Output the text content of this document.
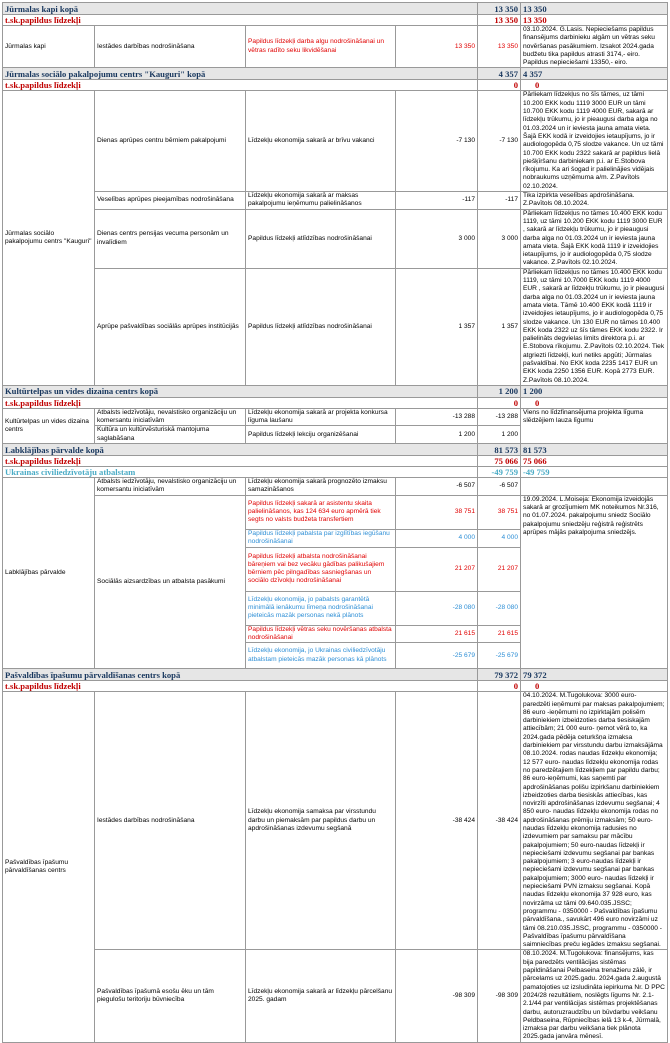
Jūrmalas kapi kopā				13 350	13 350
t.sk.papildus līdzekļi				13 350	13 350
Jūrmalas kapi	Iestādes darbības nodrošināšana	Papildus līdzekļi darba algu nodrošināšanai un vētras radīto seku likvidēšanai	13 350	13 350	03.10.2024. G.Lasis. Nepieciešams papildus finansējums darbinieku algām un vētras seku novēršanas pasākumiem. Izsakot 2024.gada budžetu tika papildus atrasti 3174,- eiro. Papildus nepieciešami 13350,- eiro.
Jūrmalas sociālo pakalpojumu centrs "Kauguri" kopā				4 357	4 357
t.sk.papildus līdzekļi				0	0
Jūrmalas sociālo pakalpojumu centrs "Kauguri"	Dienas aprūpes centru bērniem pakalpojumi	Līdzekļu ekonomija sakarā ar brīvu vakanci	-7 130	-7 130	Pārliekam līdzekļus no šīs tāmes, uz tāmi 10.200 EKK kodu 1119 3000 EUR un tāmi 10.700 EKK kodu 1119 4000 EUR, sakarā ar līdzekļu trūkumu, jo ir pieaugusi darba alga no 01.03.2024 un ir ieviesta jauna amata vieta. Šajā EKK kodā ir izveidojies ietaupījums, jo ir audiologopēda 0,75 slodze vakance. Un uz tāmi 10.700 EKK kodu 2322 sakarā ar papildus lielā piešķīršanu darbiniekam p.i. ar E.Stobova rīkojumu. Ka ari šogad ir palielinājies vidējais nobraukums uzņēmuma a/m. Z.Pavītols 02.10.2024.
	Veselības aprūpes pieejamības nodrošināšana	Līdzekļu ekonomija sakarā ar maksas pakalpojumu ieņēmumu palielināšanos	-117	-117	Tika izpirkta veselības apdrošināšana. Z.Pavītols 08.10.2024.
	Dienas centrs pensijas vecuma personām un invalīdiem	Papildus līdzekļi atlīdzības nodrošināšanai	3 000	3 000	Pārliekam līdzekļus no tāmes 10.400 EKK kodu 1119, uz tāmi 10.200 EKK kodu 1119 3000 EUR , sakarā ar līdzekļu trūkumu, jo ir pieaugusi darba alga no 01.03.2024 un ir ieviesta jauna amata vieta. Šajā EKK kodā 1119 ir izveidojies ietaupījums, jo ir audiologopēda 0,75 slodze vakance. Z.Pavītols 02.10.2024.
	Aprūpe pašvaldības sociālās aprūpes institūcijās	Papildus līdzekļi atlīdzības nodrošināšanai	1 357	1 357	Pārliekam līdzekļus no tāmes 10.400 EKK kodu 1119, uz tāmi 10.7000 EKK kodu 1119 4000 EUR , sakarā ar līdzekļu trūkumu, jo ir pieaugusi darba alga no 01.03.2024 un ir ieviesta jauna amata vieta. Tāmē 10.400 EKK kodā 1119 ir izveidojies ietaupījums, jo ir audiologopēda 0,75 slodze vakance. Un 130 EUR no tāmes 10.400 EKK koda 2322 uz šīs tāmes EKK kodu 2322. Ir palielināts degvielas limits direktora p.i. ar E.Stobova rīkojumu. Z.Pavītols 02.10.2024. Tiek atgriezti līdzekļi, kuri netiks apgūti; Jūrmalas pašvaldībai. No EKK koda 2235 1417 EUR un EKK koda 2250 1356 EUR. Kopā 2773 EUR. Z.Pavītols 08.10.2024.
Kultūrtelpas un vides dizaina centrs kopā				1 200	1 200
t.sk.papildus līdzekļi				0	0
Kultūrtelpas un vides dizaina centrs	Atbalsts iedzīvotāju, nevalstisko organizāciju un komersantu iniciatīvām	Līdzekļu ekonomija sakarā ar projekta konkursa līguma laušanu	-13 288	-13 288	Viens no līdzfinansējuma projekta līguma slēdzējiem lauza līgumu
	Kultūra un kultūrvēsturiskā mantojuma saglabāšana	Papildus līdzekļi lekciju organizēšanai	1 200	1 200	
Labklājības pārvalde kopā				81 573	81 573
t.sk.papildus līdzekļi				75 066	75 066
Ukrainas civiliedzīvotāju atbalstam				-49 759	-49 759
Labklājības pārvalde	Atbalsts iedzīvotāju, nevalstisko organizāciju un komersantu iniciatīvām	Līdzekļu ekonomija sakarā prognozēto izmaksu samazināšanos	-6 507	-6 507	
	Sociālās aizsardzības un atbalsta pasākumi	Papildus līdzekļi sakarā ar asistentu skaita palielināšanos, kas 124 634 euro apmērā tiek segts no valsts budžeta transfertiem	38 751	38 751	19.09.2024. L.Moiseja: Ekonomija izveidojās sakarā ar grozījumiem MK noteikumos Nr.316, no 01.07.2024. pakalpojumu sniedz Sociālo pakalpojumu sniedzēju reģistrā reģistrēts aprūpes mājās pakalpojuma sniedzējs.
		Papildus līdzekļi pabalsta par izglītības iegūšanu nodrošināšanai	4 000	4 000	
		Papildus līdzekļi atbalsta nodrošināšanai bāreņiem vai bez vecāku gādības palikušajiem bērniem pēc pilngadības sasniegšanas un sociālo dzīvokļu nodrošināšanai	21 207	21 207	
		Līdzekļu ekonomija, jo pabalsts garantētā minimālā ienākumu līmeņa nodrošināšanai pieteicās mazāk personas nekā plānots	-28 080	-28 080	
		Papildus līdzekļi vētras seku novēršanas atbalsta nodrošināšanai	21 615	21 615	
		Līdzekļu ekonomija, jo Ukrainas civiliedzīvotāju atbalstam pieteicās mazāk personas kā plānots	-25 679	-25 679	
Pašvaldības īpašumu pārvaldīšanas centrs kopā				79 372	79 372
t.sk.papildus līdzekļi				0	0
Pašvaldības īpašumu pārvaldīšanas centrs	Iestādes darbības nodrošināšana	Līdzekļu ekonomija samaksa par virsstundu darbu un piemaksām par papildus darbu un apdrošināšanas izdevumu segšanā	-38 424	-38 424	04.10.2024. M.Tugolukova: 3000 euro- paredzēti ieņēmumi par maksas pakalpojumiem; 86 euro -ieņēmumi no izpirktajām polisēm darbiniekiem izbeidzoties darba tiesiskajām attiecībām; 21 000 euro- ņemot vērā to, ka 2024.gada pēdēja ceturkšņa izmaksa darbiniekiem par virsstundu darbu izmaksājāma 08.10.2024. rodas naudas līdzekļu ekonomija; 12 577 euro- naudas līdzekļu ekonomija rodas no paredzētajiem līdzekļiem par papildu darbu; 86 euro-ieņēmumi, kas saņemti par apdrošināšanas polišu izpirkšanu darbiniekiem izbeidzoties darba tiesiskās attiecības, kas novirzīti apdrošināšanas izdevumu segšanai; 4 850 euro- naudas līdzekļu ekonomija rodas no apdrošināšanas prēmiju izmaksām; 50 euro-naudas līdzekļu ekonomija radusies no izdevumiem par samaksu par mācību pakalpojumiem; 50 euro-naudas līdzekļi ir nepieciešami izdevumu segšanai par bankas pakalpojumiem; 3 euro-naudas līdzekļi ir nepieciešami izdevumu segšanai par bankas pakalpojumiem; 3000 euro- naudas līdzekļi ir nepieciešami PVN izmaksu segšanai. Kopā naudas līdzekļu ekonomija 37 928 euro, kas novirzāma uz tāmi 09.640.035.JSSC; programmu - 0350000 - Pašvaldības īpašumu pārvaldīšana., savukārt 496 euro novirzāmi uz tāmi 08.210.035.JSSC, programmu - 0350000 - Pašvaldības īpašumu pārvaldīšana saimniecības preču iegādes izmaksu segšanai.
	Pašvaldības īpašumā esošu ēku un tām piegulošu teritoriju būvniecība	Līdzekļu ekonomija sakarā ar līdzekļu pārcelšanu 2025. gadam	-98 309	-98 309	08.10.2024. M.Tugolukova: finansējums, kas bija paredzēts ventilācijas sistēmas papildināšanai Pelbaseina trenažieru zālē, ir pārcelams uz 2025.gadu. 2024.gada 2.augustā pamatojoties uz izsludināta iepirkuma Nr. D PPC 2024/28 rezultātiem, noslēgts līgums Nr. 2.1-2.1/44 par ventilācijas sistēmas projektēšanas darbu, autoruzraudzību un būvdarbu veikšanu Peldbaseina, Rūpniecības ielā 13 k-4, Jūrmalā, izmaksa par darbu veikšana tiek plānota 2025.gada janvāra mēnesī.
